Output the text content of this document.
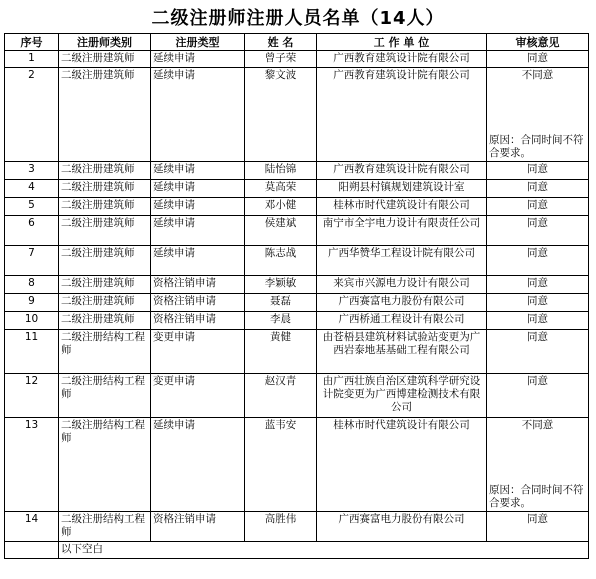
二级注册师注册人员名单（14人）
序号	注册师类别	注册类型	姓 名	工 作 单 位	审核意见
1	二级注册建筑师	延续申请	曾子荣	广西教育建筑设计院有限公司	同意
2	二级注册建筑师	延续申请	黎文波	广西教育建筑设计院有限公司	不同意
原因：合同时间不符合要求。

3	二级注册建筑师	延续申请	陆怡锦	广西教育建筑设计院有限公司	同意
4	二级注册建筑师	延续申请	莫高荣	阳朔县村镇规划建筑设计室	同意
5	二级注册建筑师	延续申请	邓小健	桂林市时代建筑设计有限公司	同意
6	二级注册建筑师	延续申请	侯建斌	南宁市全宇电力设计有限责任公司	同意
7	二级注册建筑师	延续申请	陈志战	广西华赞华工程设计院有限公司	同意
8	二级注册建筑师	资格注销申请	李颖敏	来宾市兴源电力设计有限公司	同意
9	二级注册建筑师	资格注销申请	聂磊	广西赛富电力股份有限公司	同意
10	二级注册建筑师	资格注销申请	李晨	广西桥通工程设计有限公司	同意
11	二级注册结构工程师	变更申请	黄健	由苍梧县建筑材料试验站变更为广西岩泰地基基础工程有限公司	同意
12	二级注册结构工程师	变更申请	赵汉青	由广西壮族自治区建筑科学研究设计院变更为广西博建检测技术有限公司	同意
13	二级注册结构工程师	延续申请	蓝韦安	桂林市时代建筑设计有限公司	不同意
原因：合同时间不符合要求。

14	二级注册结构工程师	资格注销申请	高胜伟	广西赛富电力股份有限公司	同意
	以下空白				
